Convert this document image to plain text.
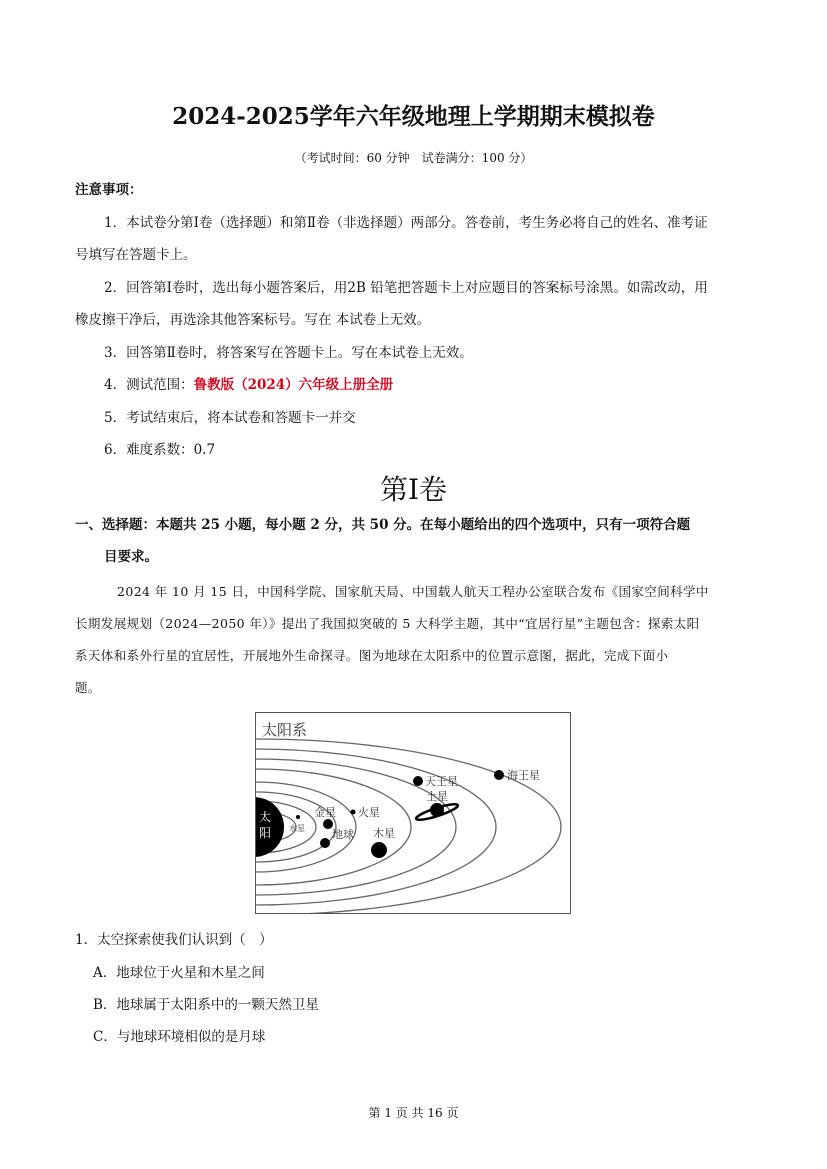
2024-2025学年六年级地理上学期期末模拟卷
（考试时间：60 分钟　试卷满分：100 分）
注意事项：
1．本试卷分第Ⅰ卷（选择题）和第Ⅱ卷（非选择题）两部分。答卷前，考生务必将自己的姓名、准考证
号填写在答题卡上。
2．回答第Ⅰ卷时，选出每小题答案后，用2B 铅笔把答题卡上对应题目的答案标号涂黑。如需改动，用
橡皮擦干净后，再选涂其他答案标号。写在 本试卷上无效。
3．回答第Ⅱ卷时，将答案写在答题卡上。写在本试卷上无效。
4．测试范围：鲁教版（2024）六年级上册全册
5．考试结束后，将本试卷和答题卡一并交
6．难度系数：0.7
第Ⅰ卷
一、选择题：本题共 25 小题，每小题 2 分，共 50 分。在每小题给出的四个选项中，只有一项符合题
目要求。
2024 年 10 月 15 日，中国科学院、国家航天局、中国载人航天工程办公室联合发布《国家空间科学中
长期发展规划（2024—2050 年）》提出了我国拟突破的 5 大科学主题，其中“宜居行星”主题包含：探索太阳
系天体和系外行星的宜居性，开展地外生命探寻。图为地球在太阳系中的位置示意图，据此，完成下面小
题。
太阳系
太
阳 水星
金星
地球
火星
木星
土星
天王星	海王星
1．太空探索使我们认识到（　）
A．地球位于火星和木星之间
B．地球属于太阳系中的一颗天然卫星
C．与地球环境相似的是月球
第 1 页 共 16 页
